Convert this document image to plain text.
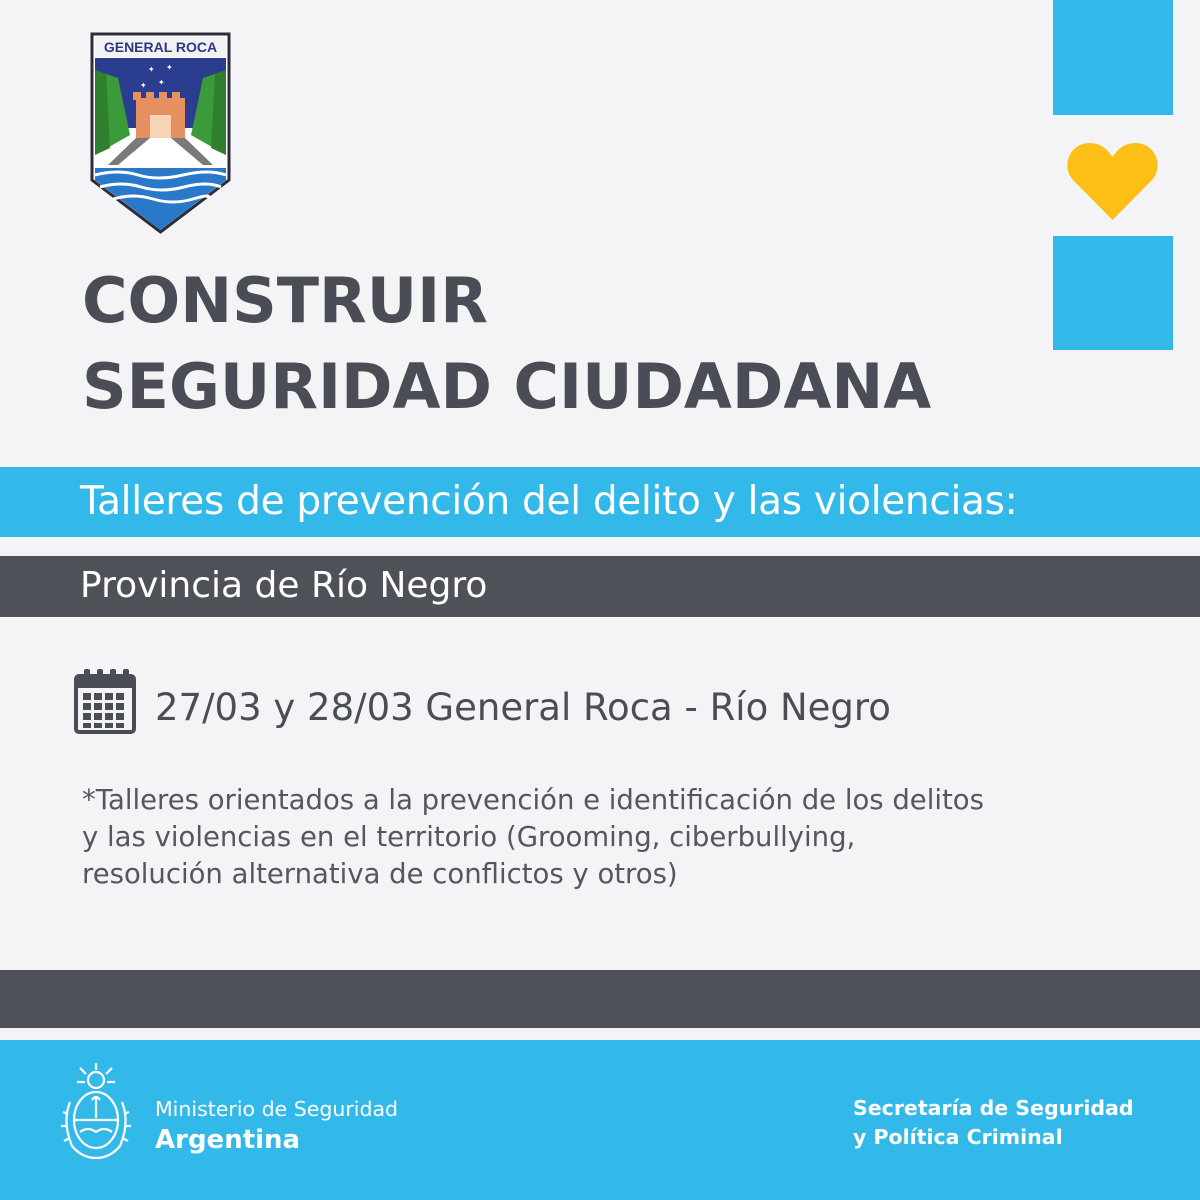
GENERAL ROCA
✦ ✦
✦ ✦
CONSTRUIR
SEGURIDAD CIUDADANA
Talleres de prevención del delito y las violencias:
Provincia de Río Negro
27/03 y 28/03 General Roca - Río Negro
*Talleres orientados a la prevención e identificación de los delitos
y las violencias en el territorio (Grooming, ciberbullying,
resolución alternativa de conflictos y otros)
Ministerio de Seguridad
Argentina
Secretaría de Seguridad
y Política Criminal
